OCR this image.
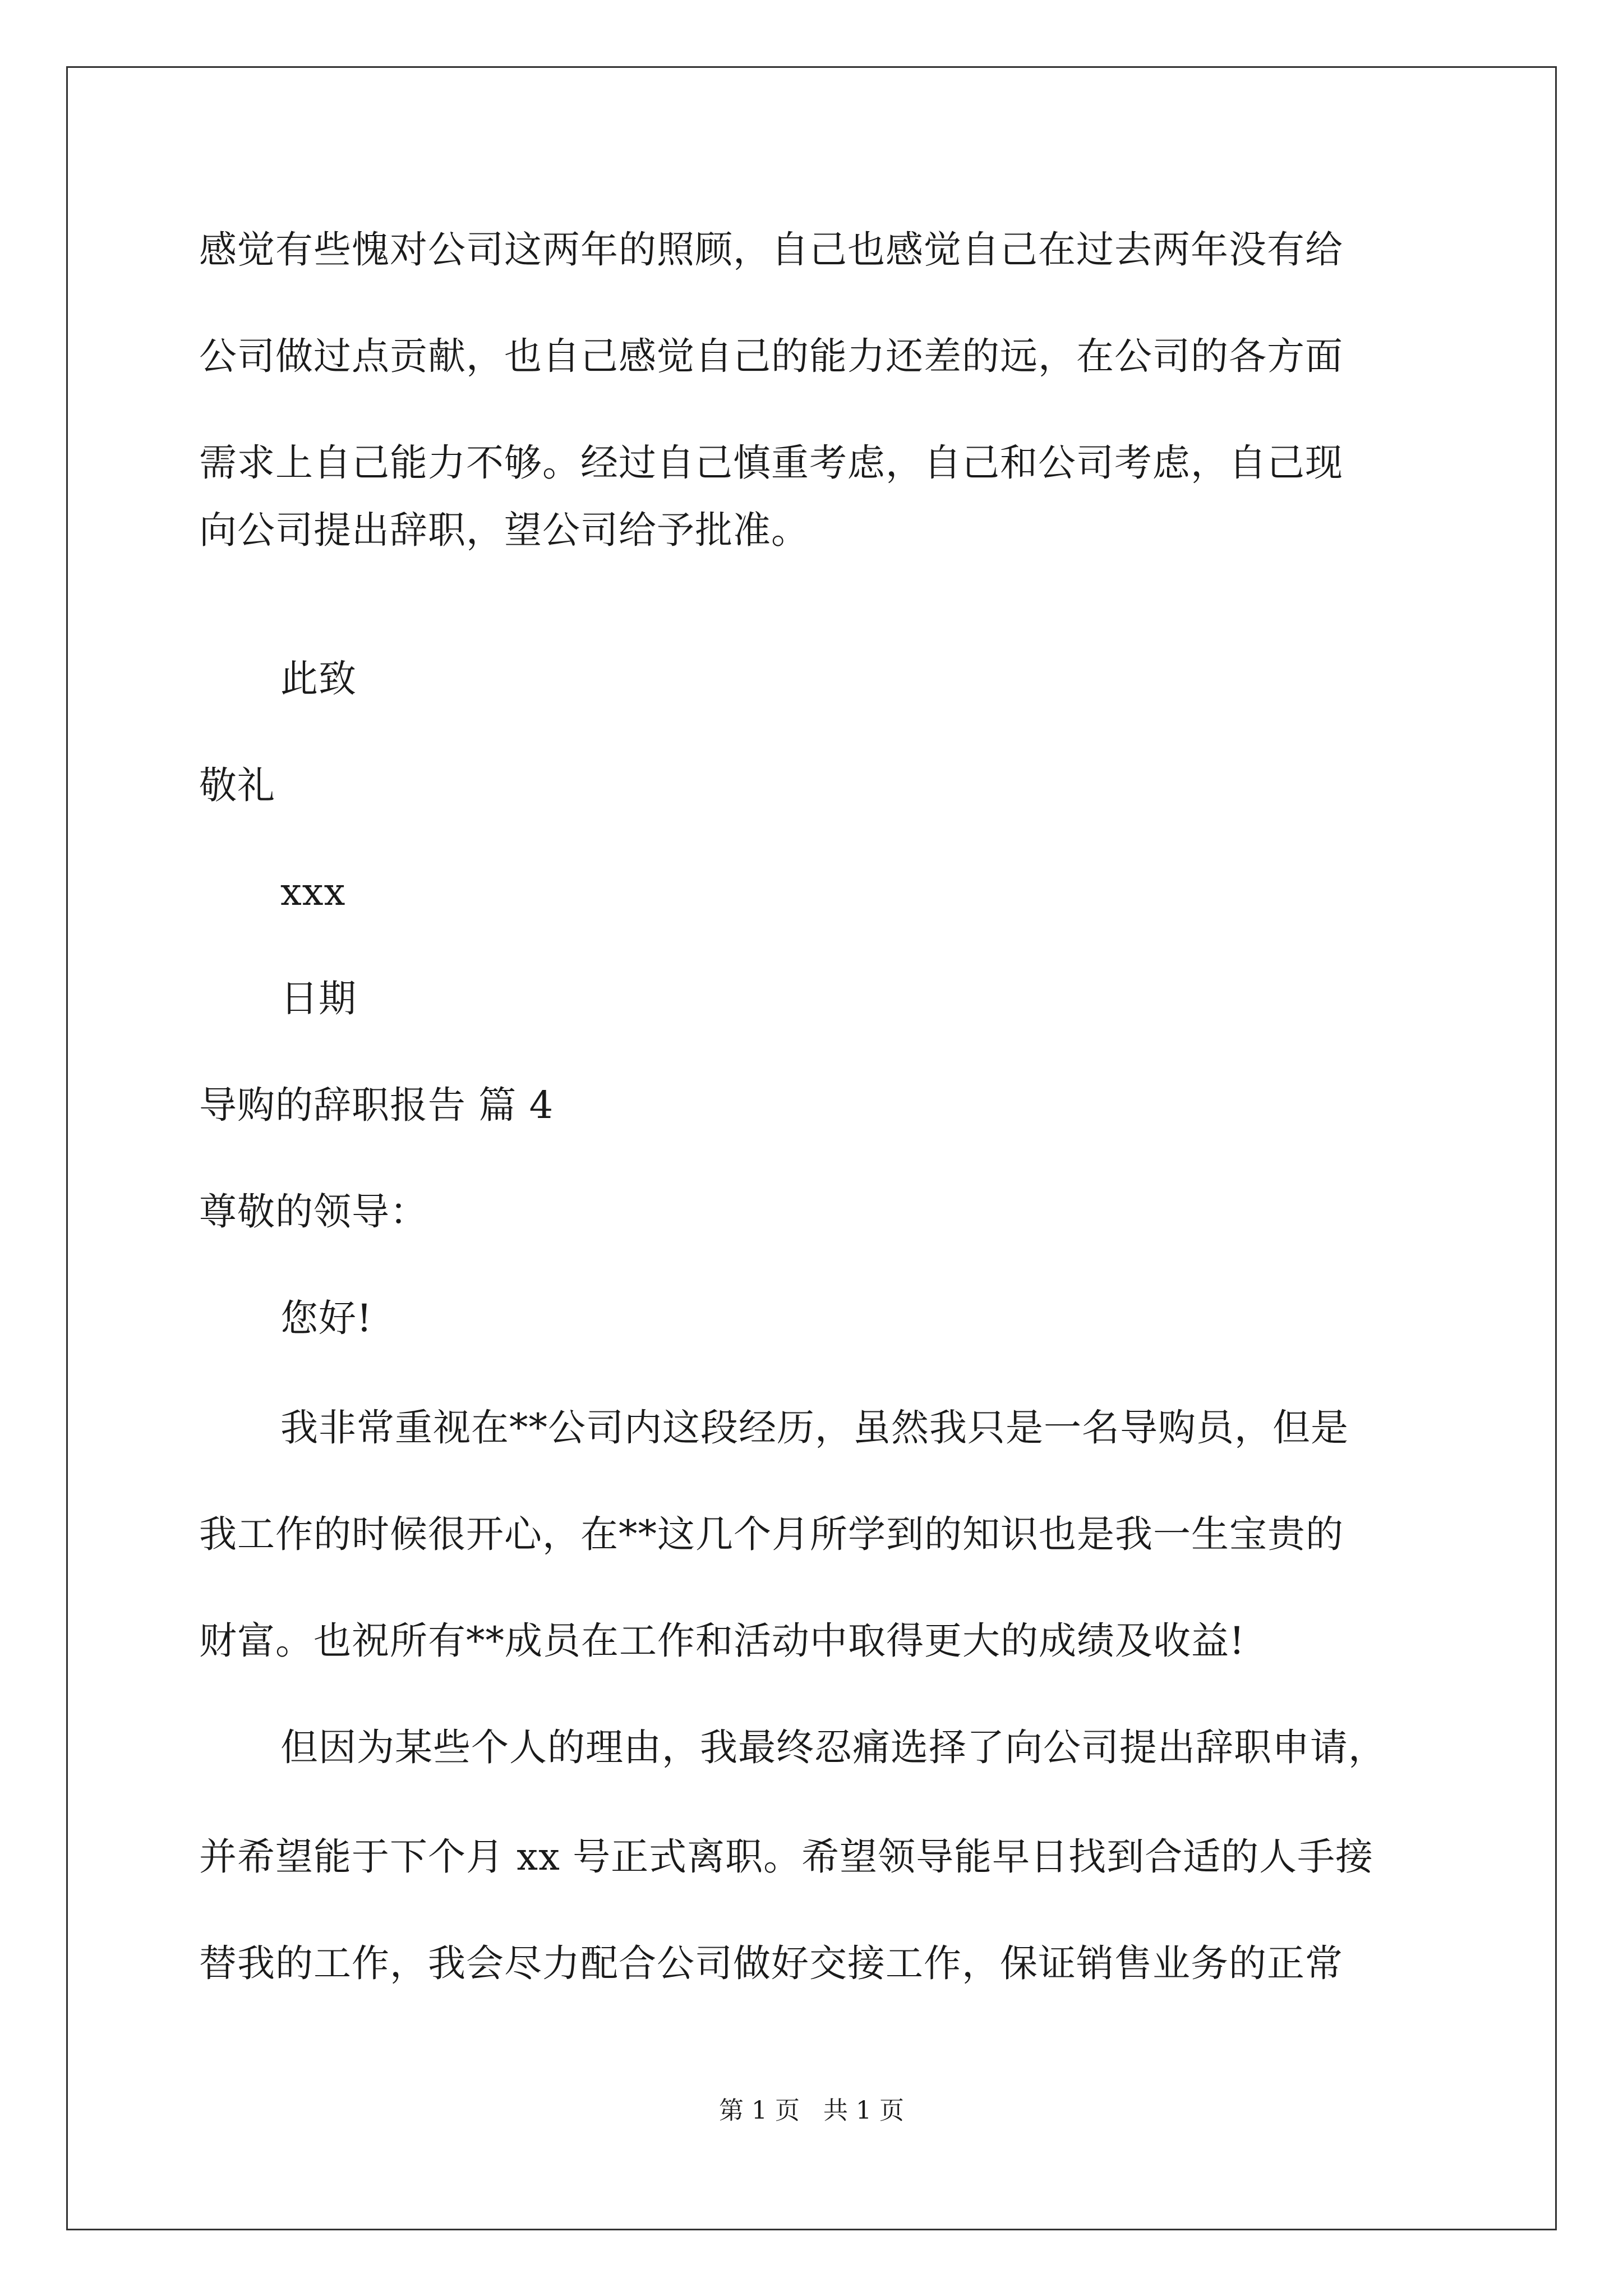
感觉有些愧对公司这两年的照顾，自己也感觉自己在过去两年没有给
公司做过点贡献，也自己感觉自己的能力还差的远，在公司的各方面
需求上自己能力不够。经过自己慎重考虑，自己和公司考虑，自己现
向公司提出辞职，望公司给予批准。
此致
敬礼
xxx
日期
导购的辞职报告 篇 4
尊敬的领导：
您好!
我非常重视在**公司内这段经历，虽然我只是一名导购员，但是
我工作的时候很开心，在**这几个月所学到的知识也是我一生宝贵的
财富。也祝所有**成员在工作和活动中取得更大的成绩及收益!
但因为某些个人的理由，我最终忍痛选择了向公司提出辞职申请，
并希望能于下个月 xx 号正式离职。希望领导能早日找到合适的人手接
替我的工作，我会尽力配合公司做好交接工作，保证销售业务的正常
第 1 页   共 1 页
